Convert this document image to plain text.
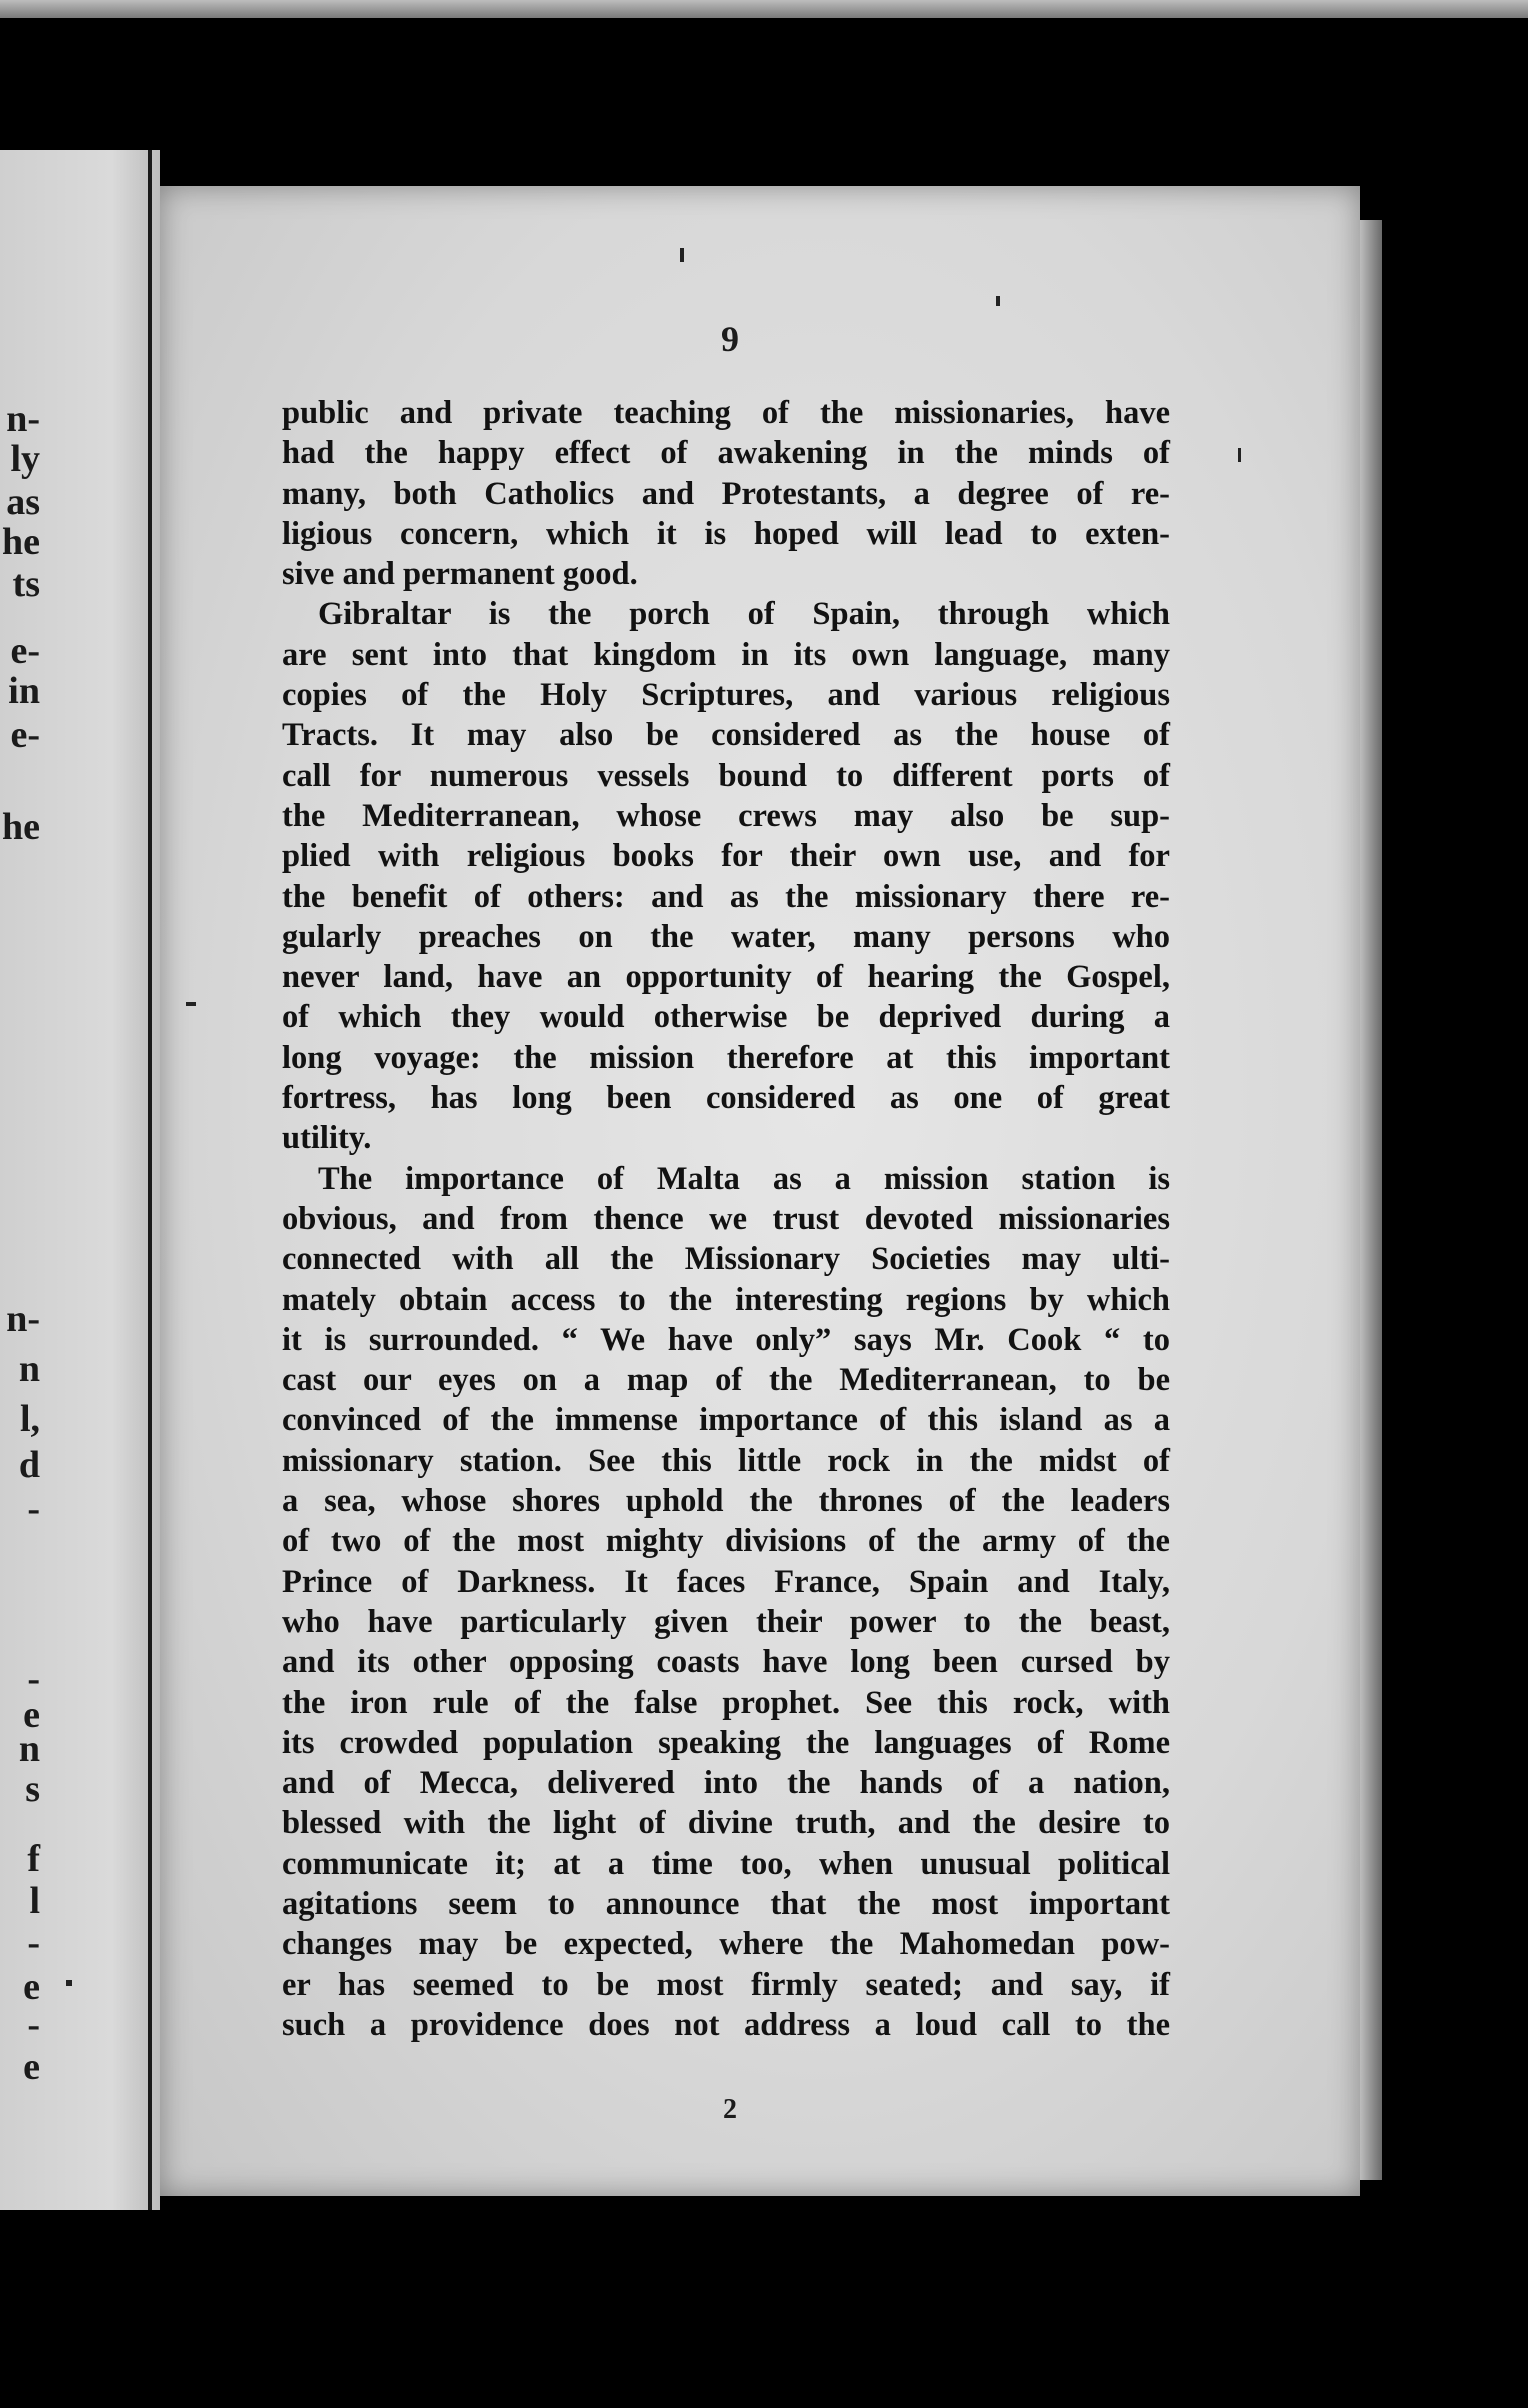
n-
ly
as
he
ts
e-
in
e-
he
n-
n
l,
d
-
-
e
n
s
f
l
-
e
-
e
9
public and private teaching of the missionaries, have
had the happy effect of awakening in the minds of
many, both Catholics and Protestants, a degree of re-
ligious concern, which it is hoped will lead to exten-
sive and permanent good.
Gibraltar is the porch of Spain, through which
are sent into that kingdom in its own language, many
copies of the Holy Scriptures, and various religious
Tracts. It may also be considered as the house of
call for numerous vessels bound to different ports of
the Mediterranean, whose crews may also be sup-
plied with religious books for their own use, and for
the benefit of others: and as the missionary there re-
gularly preaches on the water, many persons who
never land, have an opportunity of hearing the Gospel,
of which they would otherwise be deprived during a
long voyage: the mission therefore at this important
fortress, has long been considered as one of great
utility.
The importance of Malta as a mission station is
obvious, and from thence we trust devoted missionaries
connected with all the Missionary Societies may ulti-
mately obtain access to the interesting regions by which
it is surrounded. “ We have only” says Mr. Cook “ to
cast our eyes on a map of the Mediterranean, to be
convinced of the immense importance of this island as a
missionary station. See this little rock in the midst of
a sea, whose shores uphold the thrones of the leaders
of two of the most mighty divisions of the army of the
Prince of Darkness. It faces France, Spain and Italy,
who have particularly given their power to the beast,
and its other opposing coasts have long been cursed by
the iron rule of the false prophet. See this rock, with
its crowded population speaking the languages of Rome
and of Mecca, delivered into the hands of a nation,
blessed with the light of divine truth, and the desire to
communicate it; at a time too, when unusual political
agitations seem to announce that the most important
changes may be expected, where the Mahomedan pow-
er has seemed to be most firmly seated; and say, if
such a providence does not address a loud call to the
2
